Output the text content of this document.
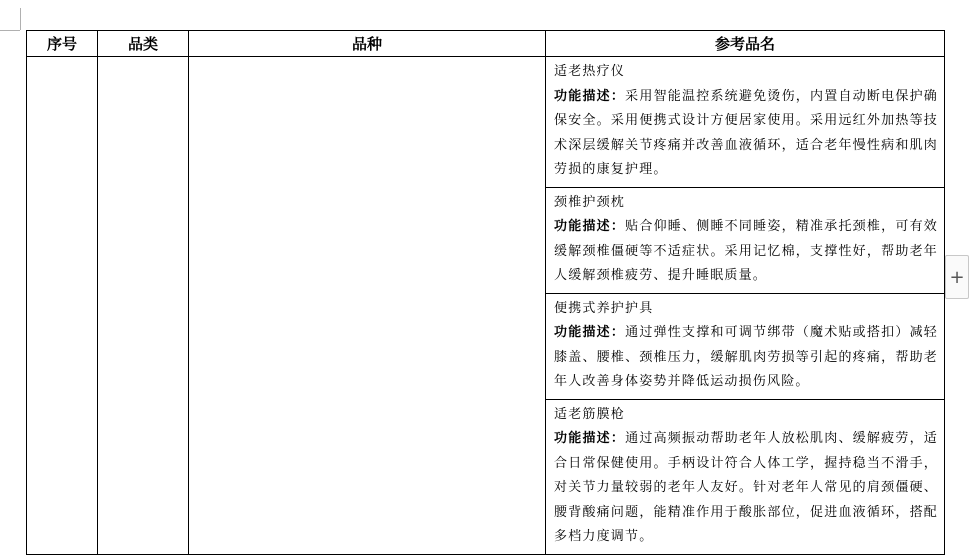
序号	品类	品种	参考品名

			适老热疗仪
功能描述：采用智能温控系统避免烫伤，内置自动断电保护确保安全。采用便携式设计方便居家使用。采用远红外加热等技术深层缓解关节疼痛并改善血液循环，适合老年慢性病和肌肉劳损的康复护理。

			颈椎护颈枕
功能描述：贴合仰睡、侧睡不同睡姿，精准承托颈椎，可有效缓解颈椎僵硬等不适症状。采用记忆棉，支撑性好，帮助老年人缓解颈椎疲劳、提升睡眠质量。

			便携式养护护具
功能描述：通过弹性支撑和可调节绑带（魔术贴或搭扣）减轻膝盖、腰椎、颈椎压力，缓解肌肉劳损等引起的疼痛，帮助老年人改善身体姿势并降低运动损伤风险。

			适老筋膜枪
功能描述：通过高频振动帮助老年人放松肌肉、缓解疲劳，适合日常保健使用。手柄设计符合人体工学，握持稳当不滑手，对关节力量较弱的老年人友好。针对老年人常见的肩颈僵硬、腰背酸痛问题，能精准作用于酸胀部位，促进血液循环，搭配多档力度调节。
+
